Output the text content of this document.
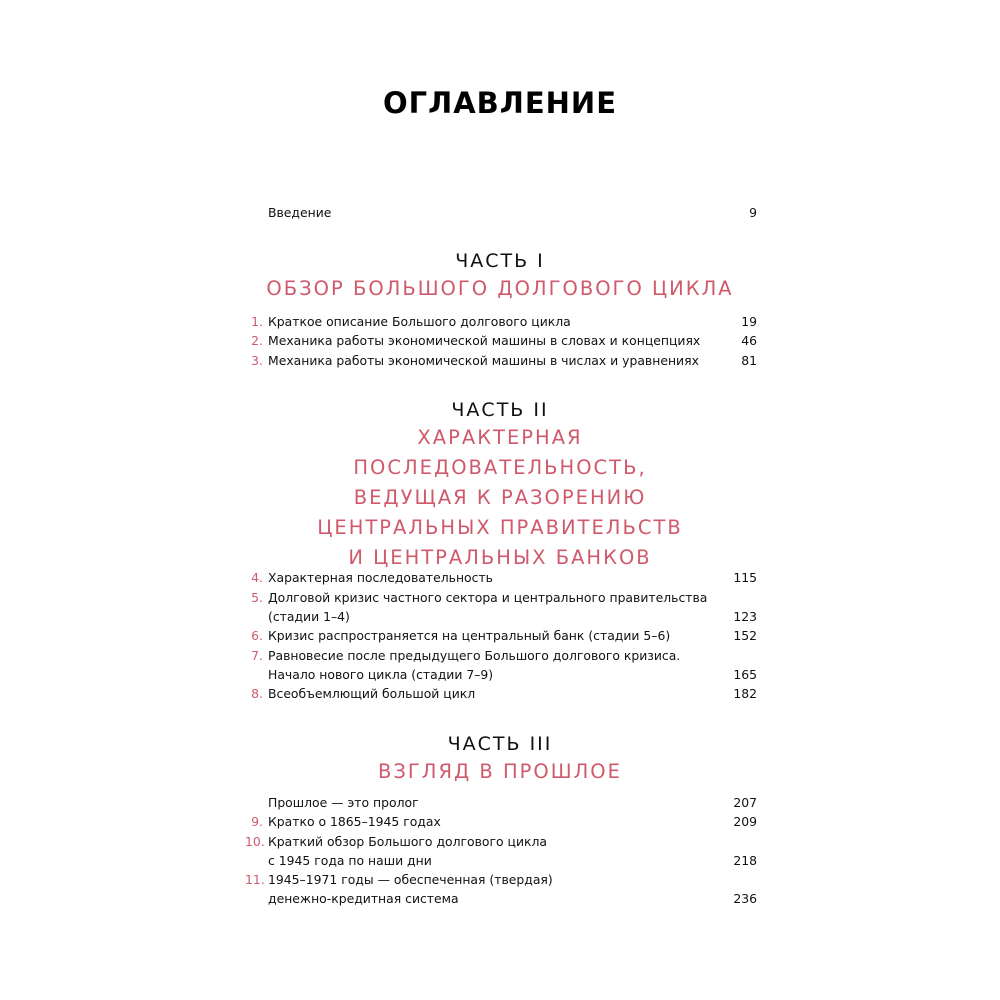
ОГЛАВЛЕНИЕ
Введение	9
ЧАСТЬ I
ОБЗОР БОЛЬШОГО ДОЛГОВОГО ЦИКЛА
1. Краткое описание Большого долгового цикла	19
2. Механика работы экономической машины в словах и концепциях	46
3. Механика работы экономической машины в числах и уравнениях	81
ЧАСТЬ II
ХАРАКТЕРНАЯ
ПОСЛЕДОВАТЕЛЬНОСТЬ,
ВЕДУЩАЯ К РАЗОРЕНИЮ
ЦЕНТРАЛЬНЫХ ПРАВИТЕЛЬСТВ
И ЦЕНТРАЛЬНЫХ БАНКОВ
4. Характерная последовательность	115
5. Долговой кризис частного сектора и центрального правительства
(стадии 1–4)	123
6. Кризис распространяется на центральный банк (стадии 5–6)	152
7. Равновесие после предыдущего Большого долгового кризиса.
Начало нового цикла (стадии 7–9)	165
8. Всеобъемлющий большой цикл	182
ЧАСТЬ III
ВЗГЛЯД В ПРОШЛОЕ
Прошлое — это пролог	207
9. Кратко о 1865–1945 годах	209
10. Краткий обзор Большого долгового цикла
с 1945 года по наши дни	218
11. 1945–1971 годы — обеспеченная (твердая)
денежно-кредитная система	236
